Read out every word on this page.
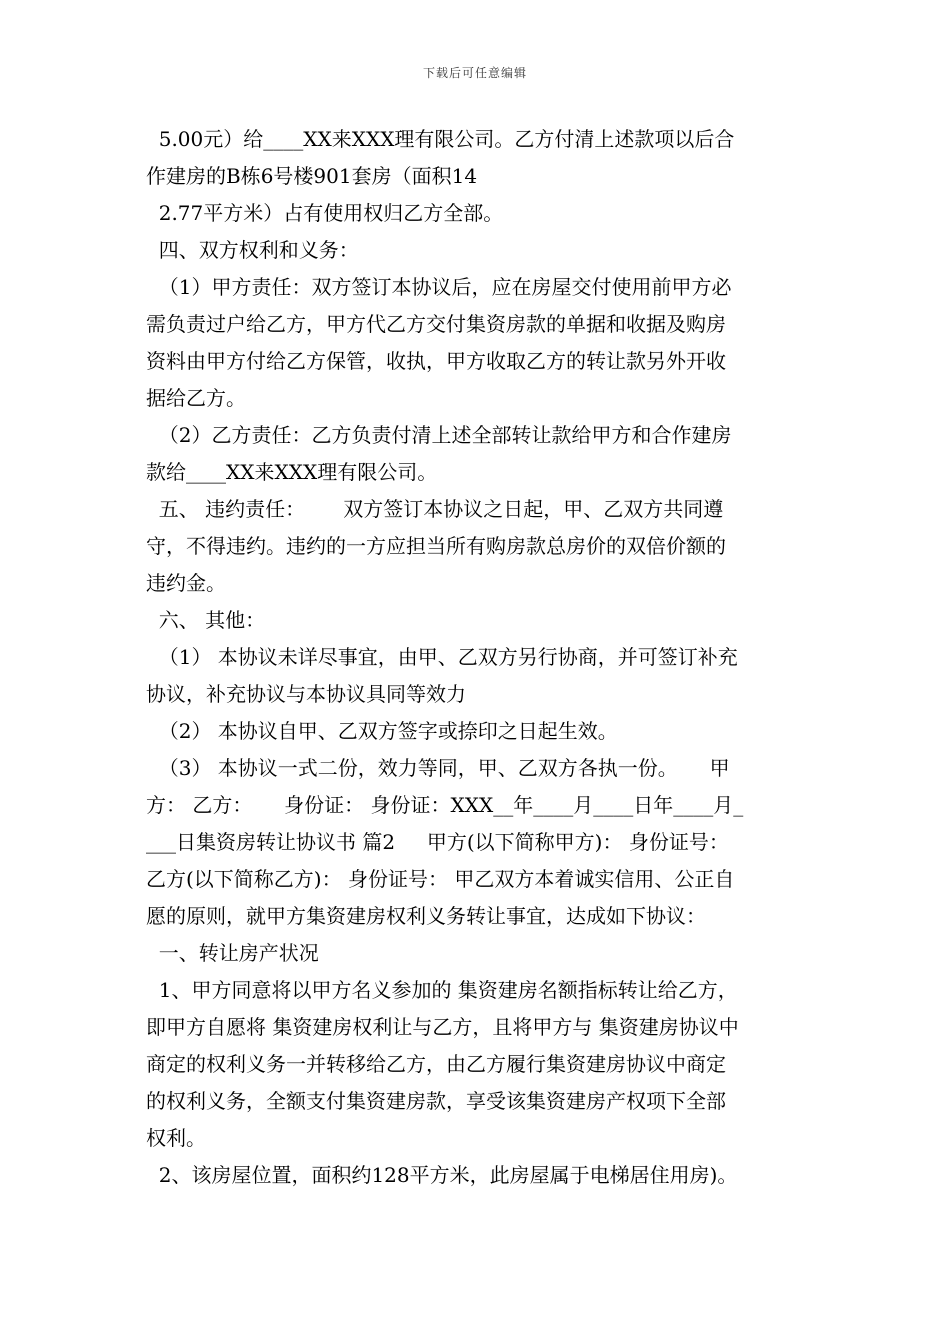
下载后可任意编辑
5.00元）给____XX来XXX理有限公司。乙方付清上述款项以后合
作建房的B栋6号楼901套房（面积14
2.77平方米）占有使用权归乙方全部。
四、双方权利和义务：
（1）甲方责任：双方签订本协议后，应在房屋交付使用前甲方必
需负责过户给乙方，甲方代乙方交付集资房款的单据和收据及购房
资料由甲方付给乙方保管，收执，甲方收取乙方的转让款另外开收
据给乙方。
（2）乙方责任：乙方负责付清上述全部转让款给甲方和合作建房
款给____XX来XXX理有限公司。
五、 违约责任：      双方签订本协议之日起，甲、乙双方共同遵
守，不得违约。违约的一方应担当所有购房款总房价的双倍价额的
违约金。
六、 其他：
（1） 本协议未详尽事宜，由甲、乙双方另行协商，并可签订补充
协议，补充协议与本协议具同等效力
（2） 本协议自甲、乙双方签字或捺印之日起生效。
（3） 本协议一式二份，效力等同，甲、乙双方各执一份。     甲
方： 乙方：     身份证： 身份证：XXX__年____月____日年____月_
___日集资房转让协议书 篇2     甲方(以下简称甲方)： 身份证号：
乙方(以下简称乙方)： 身份证号： 甲乙双方本着诚实信用、公正自
愿的原则，就甲方集资建房权利义务转让事宜，达成如下协议：
一、转让房产状况
1、甲方同意将以甲方名义参加的 集资建房名额指标转让给乙方，
即甲方自愿将 集资建房权利让与乙方，且将甲方与 集资建房协议中
商定的权利义务一并转移给乙方，由乙方履行集资建房协议中商定
的权利义务，全额支付集资建房款，享受该集资建房产权项下全部
权利。
2、该房屋位置，面积约128平方米，此房屋属于电梯居住用房)。
